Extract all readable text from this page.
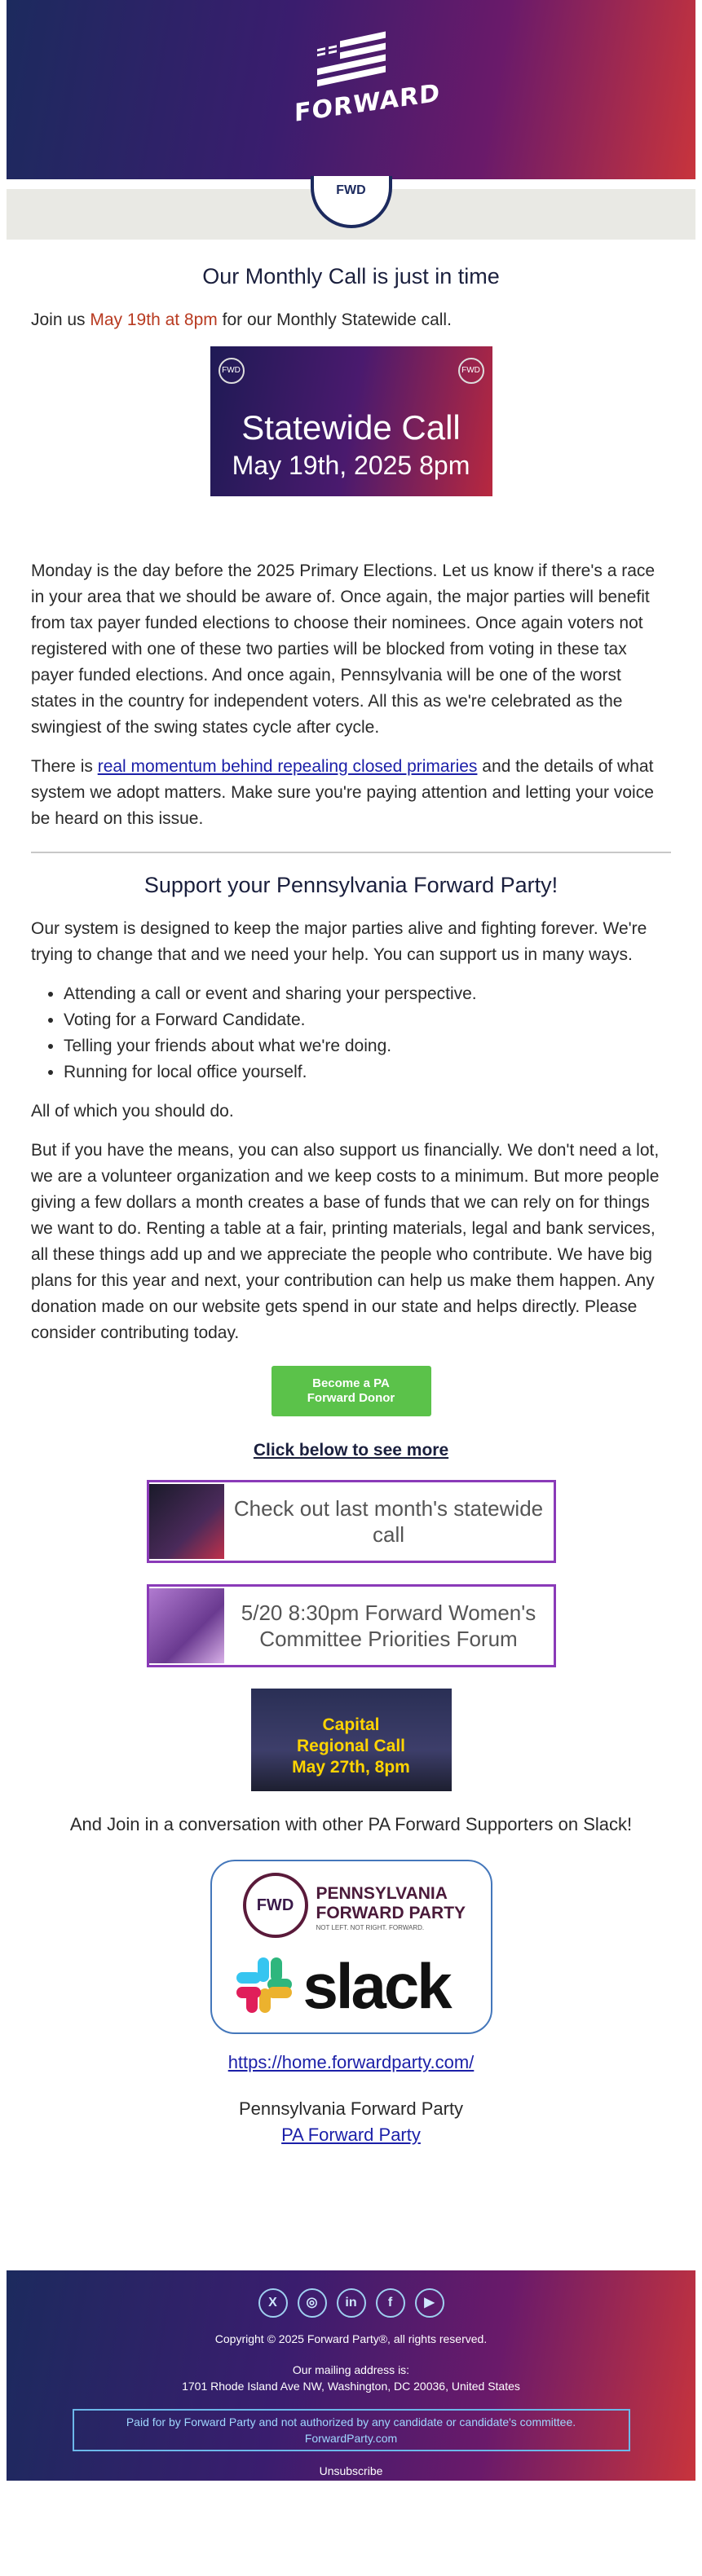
FORWARD
FWD
Our Monthly Call is just in time

Join us May 19th at 8pm for our Monthly Statewide call.

FWD	FWD
Statewide Call
May 19th, 2025 8pm

Monday is the day before the 2025 Primary Elections. Let us know if there's a race in your area that we should be aware of. Once again, the major parties will benefit from tax payer funded elections to choose their nominees. Once again voters not registered with one of these two parties will be blocked from voting in these tax payer funded elections. And once again, Pennsylvania will be one of the worst states in the country for independent voters. All this as we're celebrated as the swingiest of the swing states cycle after cycle.

There is real momentum behind repealing closed primaries and the details of what system we adopt matters. Make sure you're paying attention and letting your voice be heard on this issue.

Support your Pennsylvania Forward Party!

Our system is designed to keep the major parties alive and fighting forever. We're trying to change that and we need your help. You can support us in many ways.

• Attending a call or event and sharing your perspective.
• Voting for a Forward Candidate.
• Telling your friends about what we're doing.
• Running for local office yourself.

All of which you should do.

But if you have the means, you can also support us financially. We don't need a lot, we are a volunteer organization and we keep costs to a minimum. But more people giving a few dollars a month creates a base of funds that we can rely on for things we want to do. Renting a table at a fair, printing materials, legal and bank services, all these things add up and we appreciate the people who contribute. We have big plans for this year and next, your contribution can help us make them happen. Any donation made on our website gets spend in our state and helps directly. Please consider contributing today.

Become a PA
Forward Donor
Click below to see more
Check out last month's statewide call
5/20 8:30pm Forward Women's Committee Priorities Forum
Capital
Regional Call
May 27th, 8pm
And Join in a conversation with other PA Forward Supporters on Slack!
FWD
PENNSYLVANIA
FORWARD PARTY
NOT LEFT. NOT RIGHT. FORWARD.
slack
https://home.forwardparty.com/
Pennsylvania Forward Party
PA Forward Party
X	◎	in	f	▶
Copyright © 2025 Forward Party®, all rights reserved.
Our mailing address is:
1701 Rhode Island Ave NW, Washington, DC 20036, United States
Paid for by Forward Party and not authorized by any candidate or candidate's committee.
ForwardParty.com
Unsubscribe
